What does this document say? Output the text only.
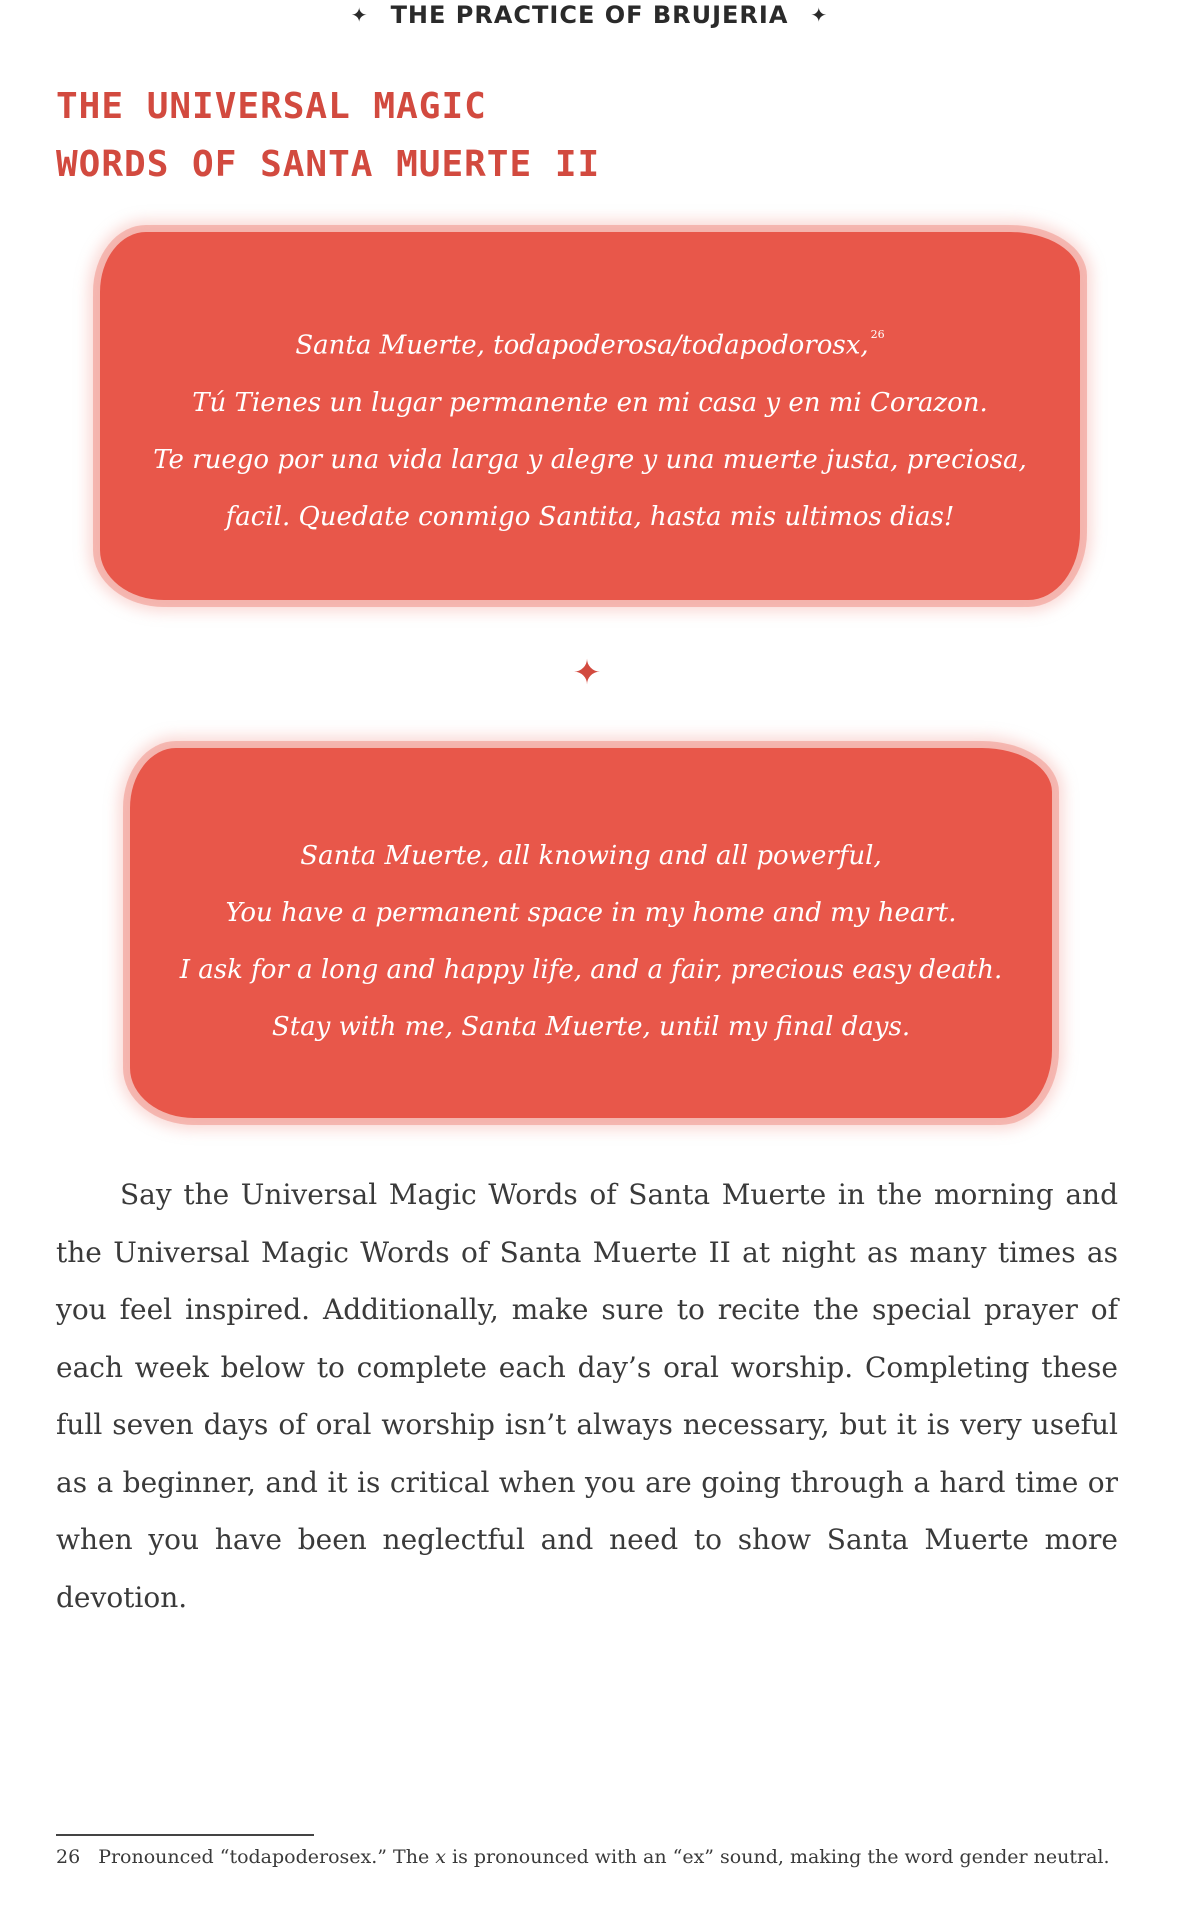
✦ THE PRACTICE OF BRUJERIA ✦
THE UNIVERSAL MAGIC
WORDS OF SANTA MUERTE II
Santa Muerte, todapoderosa/todapodorosx, $^{26}$
Tú Tienes un lugar permanente en mi casa y en mi Corazon.
Te ruego por una vida larga y alegre y una muerte justa, preciosa,
facil. Quedate conmigo Santita, hasta mis ultimos dias!
✦
Santa Muerte, all knowing and all powerful,
You have a permanent space in my home and my heart.
I ask for a long and happy life, and a fair, precious easy death.
Stay with me, Santa Muerte, until my final days.

Say the Universal Magic Words of Santa Muerte in the morning and the Universal Magic Words of Santa Muerte II at night as many times as you feel inspired. Additionally, make sure to recite the special prayer of each week below to complete each day’s oral worship. Completing these full seven days of oral worship isn’t always necessary, but it is very useful as a beginner, and it is critical when you are going through a hard time or when you have been neglectful and need to show Santa Muerte more devotion.

26 Pronounced “todapoderosex.” The x is pronounced with an “ex” sound, making the word gender neutral.
